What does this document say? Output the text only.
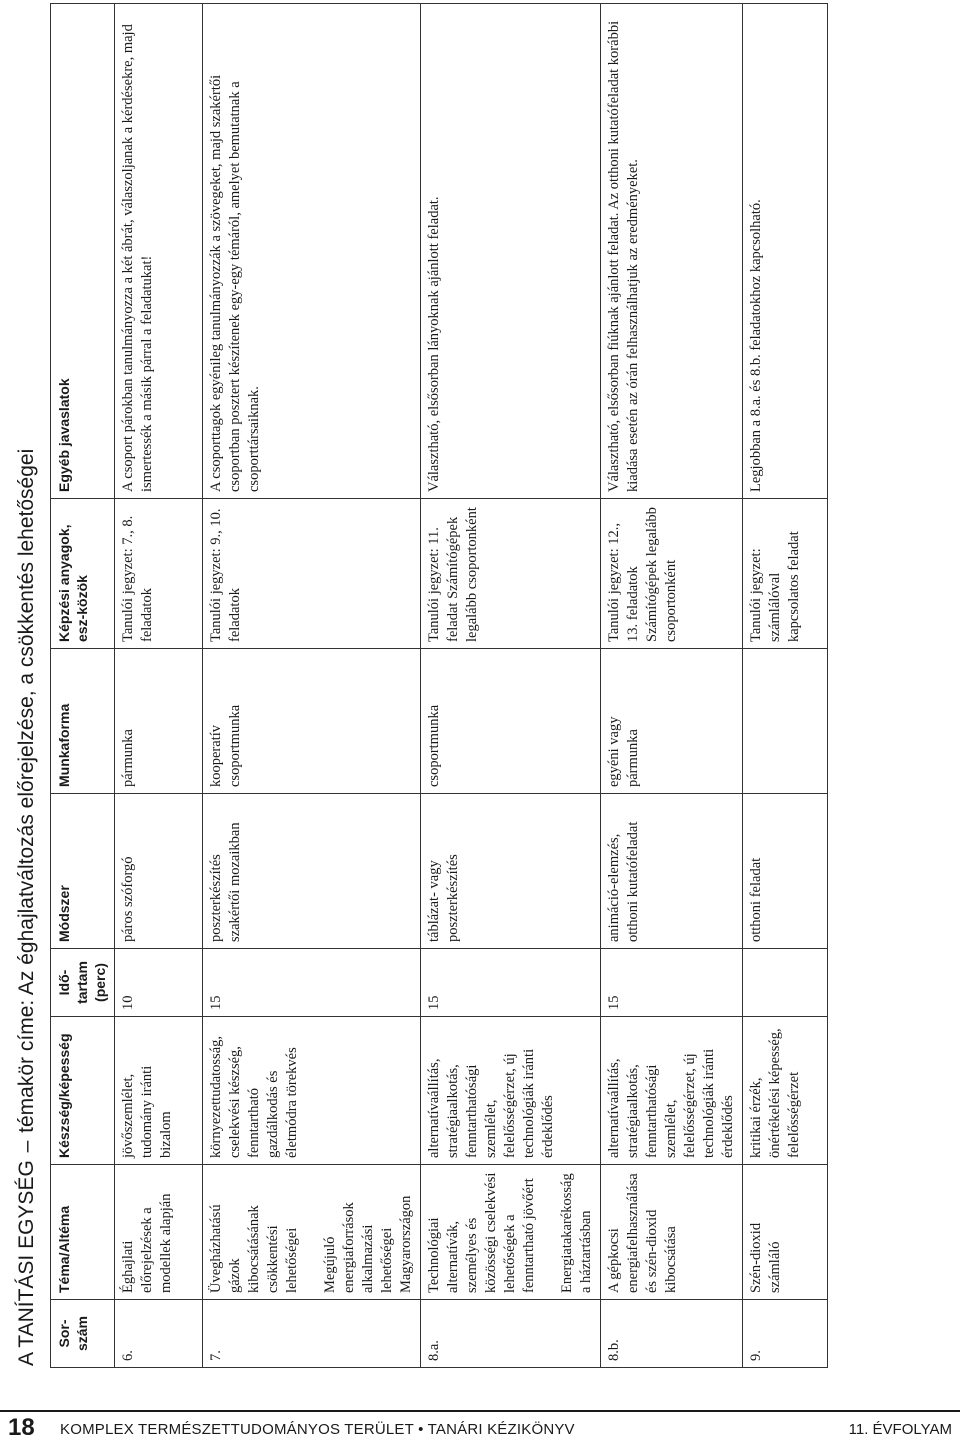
A TANÍTÁSI EGYSÉG – témakör címe: Az éghajlatváltozás előrejelzése, a csökkentés lehetőségei
Sor-szám	Téma/Altéma	Készség/képesség	Idő-tartam (perc)	Módszer	Munkaforma	Képzési anyagok, esz-közök	Egyéb javaslatok
6.	Éghajlati előrejelzések a modellek alapján	jövőszemlélet, tudomány iránti bizalom	10	páros szóforgó	pármunka	Tanulói jegyzet: 7., 8. feladatok	A csoport párokban tanulmányozza a két ábrát, válaszoljanak a kérdésekre, majd ismertessék a másik párral a feladatukat!
7.	Üvegházhatású gázok kibocsátásának csökkentési lehetőségei Megújuló energiaforrások alkalmazási lehetőségei Magyarországon	környezettudatosság, cselekvési készség, fenntartható gazdálkodás és életmódra törekvés	15	poszterkészítés szakértői mozaikban	kooperatív csoportmunka	Tanulói jegyzet: 9., 10. feladatok	A csoporttagok egyénileg tanulmányozzák a szövegeket, majd szakértői csoportban posztert készítenek egy-egy témáról, amelyet bemutatnak a csoporttársaiknak.
8.a.	Technológiai alternatívák, személyes és közösségi cselekvési lehetőségek a fenntartható jövőért Energiatakarékosság a háztartásban	alternatívaállítás, stratégiaalkotás, fenntarthatósági szemlélet, felelősségérzet, új technológiák iránti érdeklődés	15	táblázat- vagy poszterkészítés	csoportmunka	Tanulói jegyzet: 11. feladat Számítógépek legalább csoportonként	Választható, elsősorban lányoknak ajánlott feladat.
8.b.	A gépkocsi energiafelhasználása és szén-dioxid kibocsátása	alternatívaállítás, stratégiaalkotás, fenntarthatósági szemlélet, felelősségérzet, új technológiák iránti érdeklődés	15	animáció-elemzés, otthoni kutatófeladat	egyéni vagy pármunka	Tanulói jegyzet: 12., 13. feladatok Számítógépek legalább csoportonként	Választható, elsősorban fiúknak ajánlott feladat. Az otthoni kutatófeladat korábbi kiadása esetén az órán felhasználhatjuk az eredményeket.
9.	Szén-dioxid számláló	kritikai érzék, önértékelési képesség, felelősségérzet		otthoni feladat		Tanulói jegyzet: számlálóval kapcsolatos feladat	Legjobban a 8.a. és 8.b. feladatokhoz kapcsolható.
18 KOMPLEX TERMÉSZETTUDOMÁNYOS TERÜLET • TANÁRI KÉZIKÖNYV	11. ÉVFOLYAM
